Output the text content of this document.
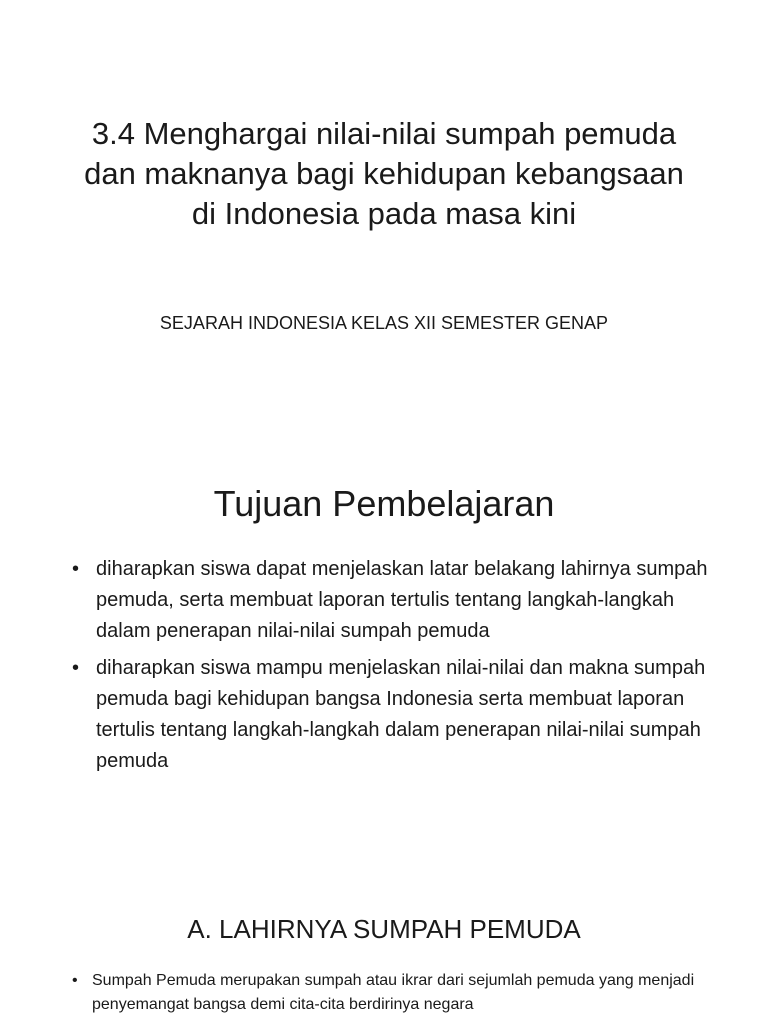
3.4 Menghargai nilai-nilai sumpah pemuda dan maknanya bagi kehidupan kebangsaan di Indonesia pada masa kini

SEJARAH INDONESIA KELAS XII SEMESTER GENAP

Tujuan Pembelajaran
• diharapkan siswa dapat menjelaskan latar belakang lahirnya sumpah pemuda, serta membuat laporan tertulis tentang langkah-langkah dalam penerapan nilai-nilai sumpah pemuda
• diharapkan siswa mampu menjelaskan nilai-nilai dan makna sumpah pemuda bagi kehidupan bangsa Indonesia serta membuat laporan tertulis tentang langkah-langkah dalam penerapan nilai-nilai sumpah pemuda
A. LAHIRNYA SUMPAH PEMUDA
• Sumpah Pemuda merupakan sumpah atau ikrar dari sejumlah pemuda yang menjadi penyemangat bangsa demi cita-cita berdirinya negara
